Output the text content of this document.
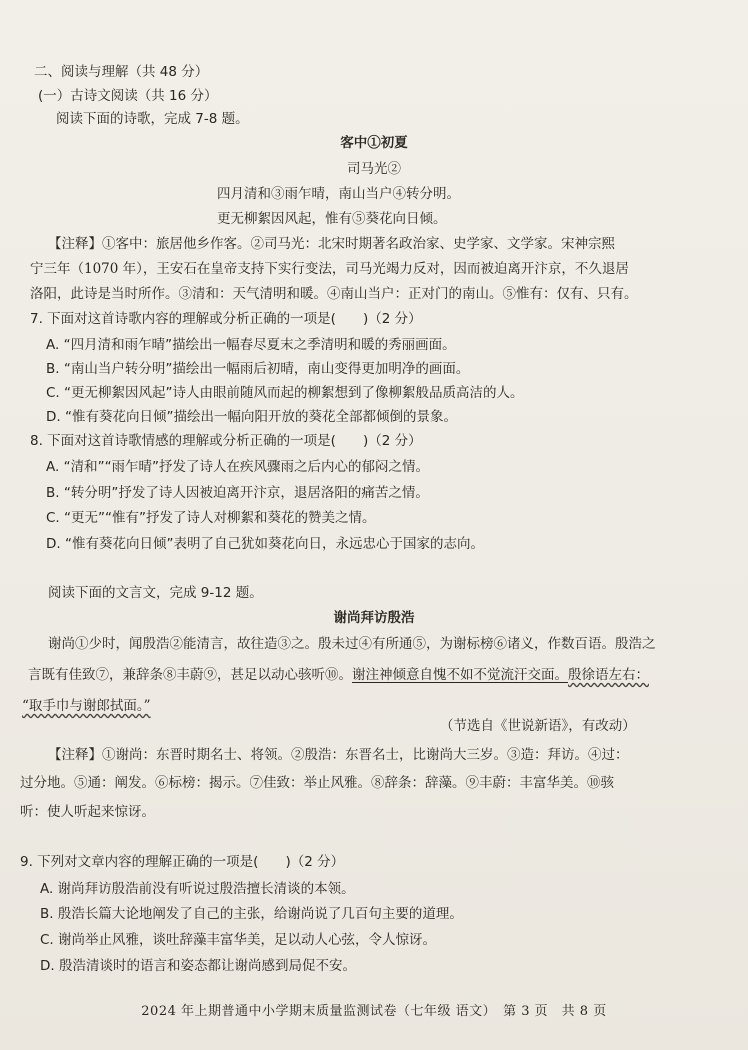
二、阅读与理解（共 48 分）
(一）古诗文阅读（共 16 分）
阅读下面的诗歌，完成 7-8 题。
客中①初夏
司马光②
四月清和③雨乍晴，南山当户④转分明。
更无柳絮因风起，惟有⑤葵花向日倾。
【注释】①客中：旅居他乡作客。②司马光：北宋时期著名政治家、史学家、文学家。宋神宗熙
宁三年（1070 年），王安石在皇帝支持下实行变法，司马光竭力反对，因而被迫离开汴京，不久退居
洛阳，此诗是当时所作。③清和：天气清明和暖。④南山当户：正对门的南山。⑤惟有：仅有、只有。
7. 下面对这首诗歌内容的理解或分析正确的一项是(　　)（2 分）
A. “四月清和雨乍晴”描绘出一幅春尽夏末之季清明和暖的秀丽画面。
B. “南山当户转分明”描绘出一幅雨后初晴，南山变得更加明净的画面。
C. “更无柳絮因风起”诗人由眼前随风而起的柳絮想到了像柳絮般品质高洁的人。
D. “惟有葵花向日倾”描绘出一幅向阳开放的葵花全部都倾倒的景象。
8. 下面对这首诗歌情感的理解或分析正确的一项是(　　)（2 分）
A. “清和”“雨乍晴”抒发了诗人在疾风骤雨之后内心的郁闷之情。
B. “转分明”抒发了诗人因被迫离开汴京，退居洛阳的痛苦之情。
C. “更无”“惟有”抒发了诗人对柳絮和葵花的赞美之情。
D. “惟有葵花向日倾”表明了自己犹如葵花向日，永远忠心于国家的志向。
阅读下面的文言文，完成 9-12 题。
谢尚拜访殷浩
谢尚①少时，闻殷浩②能清言，故往造③之。殷未过④有所通⑤，为谢标榜⑥诸义，作数百语。殷浩之
言既有佳致⑦，兼辞条⑧丰蔚⑨，甚足以动心骇听⑩。谢注神倾意自愧不如不觉流汗交面。殷徐语左右：
“取手巾与谢郎拭面。”
（节选自《世说新语》，有改动）
【注释】①谢尚：东晋时期名士、将领。②殷浩：东晋名士，比谢尚大三岁。③造：拜访。④过：
过分地。⑤通：阐发。⑥标榜：揭示。⑦佳致：举止风雅。⑧辞条：辞藻。⑨丰蔚：丰富华美。⑩骇
听：使人听起来惊讶。
9. 下列对文章内容的理解正确的一项是(　　)（2 分）
A. 谢尚拜访殷浩前没有听说过殷浩擅长清谈的本领。
B. 殷浩长篇大论地阐发了自己的主张，给谢尚说了几百句主要的道理。
C. 谢尚举止风雅，谈吐辞藻丰富华美，足以动人心弦，令人惊讶。
D. 殷浩清谈时的语言和姿态都让谢尚感到局促不安。
2024 年上期普通中小学期末质量监测试卷（七年级 语文）　第 3 页　共 8 页
